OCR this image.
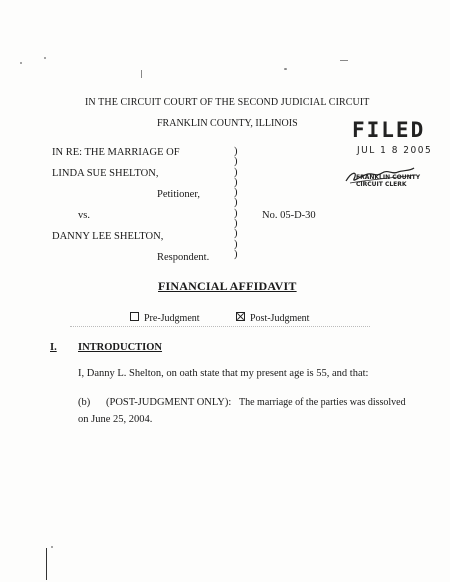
IN THE CIRCUIT COURT OF THE SECOND JUDICIAL CIRCUIT
FRANKLIN COUNTY, ILLINOIS	FILED
JUL 1 8 2005
FRANKLIN COUNTY
CIRCUIT CLERK
IN RE: THE MARRIAGE OF
LINDA SUE SHELTON,
Petitioner,
vs.	No. 05-D-30
DANNY LEE SHELTON,
Respondent.
)
)
)
)
)
)
)
)
)
)
)
FINANCIAL AFFIDAVIT
Pre-Judgment	Post-Judgment
I. INTRODUCTION
I, Danny L. Shelton, on oath state that my present age is 55, and that:
(b) (POST-JUDGMENT ONLY): The marriage of the parties was dissolved
on June 25, 2004.
